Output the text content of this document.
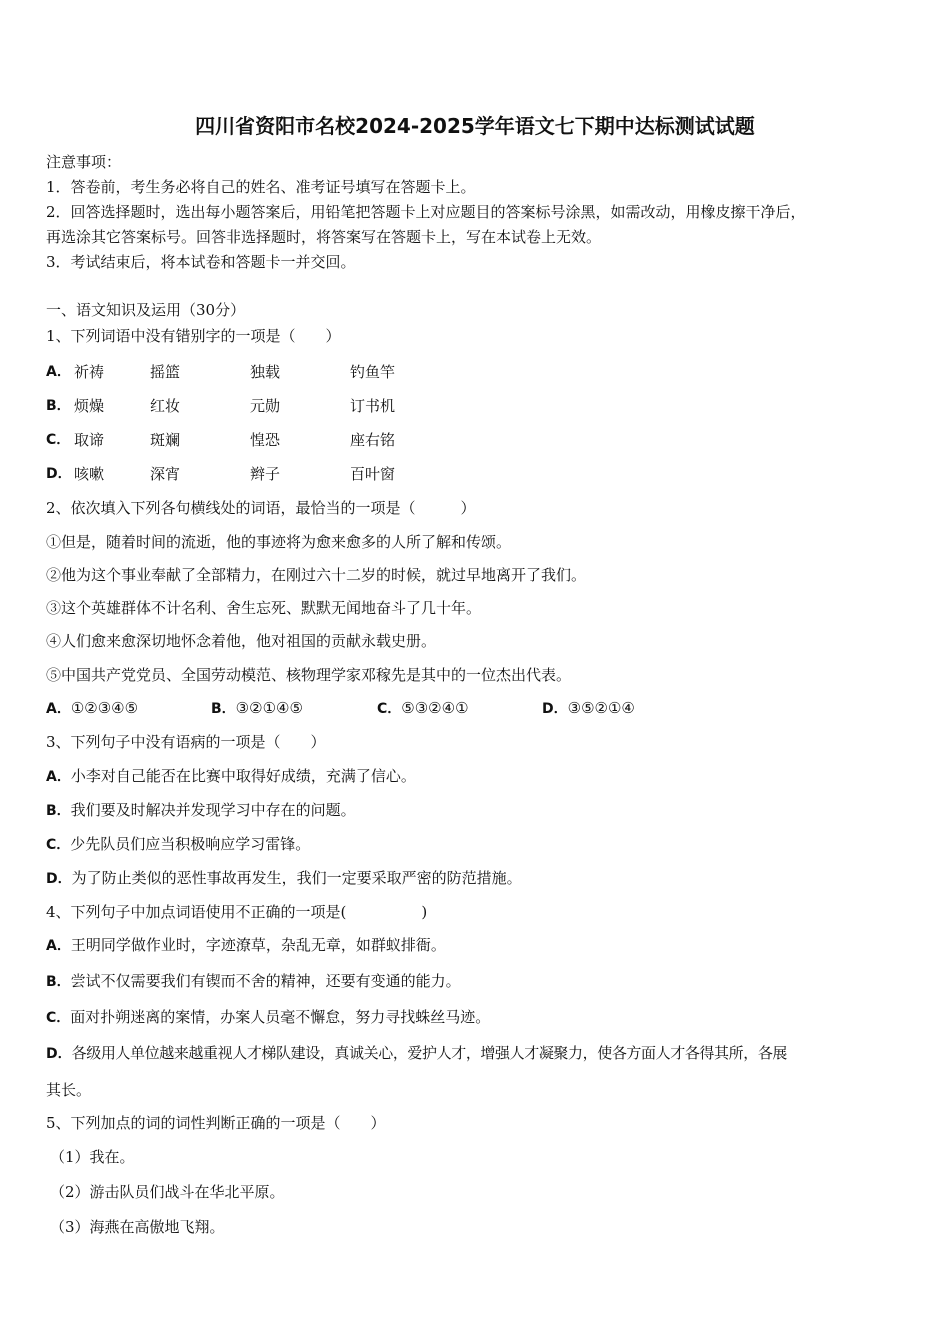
四川省资阳市名校2024-2025学年语文七下期中达标测试试题
注意事项：
1．答卷前，考生务必将自己的姓名、准考证号填写在答题卡上。
2．回答选择题时，选出每小题答案后，用铅笔把答题卡上对应题目的答案标号涂黑，如需改动，用橡皮擦干净后，
再选涂其它答案标号。回答非选择题时，将答案写在答题卡上，写在本试卷上无效。
3．考试结束后，将本试卷和答题卡一并交回。
一、语文知识及运用（30分）
1、下列词语中没有错别字的一项是（　　）
A． 祈祷	摇篮	独载	钓鱼竿
B． 烦燥	红妆	元勋	订书机
C． 取谛	斑斓	惶恐	座右铭
D． 咳嗽	深宵	辫子	百叶窗
2、依次填入下列各句横线处的词语，最恰当的一项是（　　　）
①但是，随着时间的流逝，他的事迹将为愈来愈多的人所了解和传颂。
②他为这个事业奉献了全部精力，在刚过六十二岁的时候，就过早地离开了我们。
③这个英雄群体不计名利、舍生忘死、默默无闻地奋斗了几十年。
④人们愈来愈深切地怀念着他，他对祖国的贡献永载史册。
⑤中国共产党党员、全国劳动模范、核物理学家邓稼先是其中的一位杰出代表。
A．①②③④⑤	B．③②①④⑤	C．⑤③②④①	D．③⑤②①④
3、下列句子中没有语病的一项是（　　）
A．小李对自己能否在比赛中取得好成绩，充满了信心。
B．我们要及时解决并发现学习中存在的问题。
C．少先队员们应当积极响应学习雷锋。
D．为了防止类似的恶性事故再发生，我们一定要采取严密的防范措施。
4、下列句子中加点词语使用不正确的一项是(　　　　　)
A．王明同学做作业时，字迹潦草，杂乱无章，如群蚁排衙。
B．尝试不仅需要我们有锲而不舍的精神，还要有变通的能力。
C．面对扑朔迷离的案情，办案人员毫不懈怠，努力寻找蛛丝马迹。
D．各级用人单位越来越重视人才梯队建设，真诚关心，爱护人才，增强人才凝聚力，使各方面人才各得其所，各展
其长。
5、下列加点的词的词性判断正确的一项是（　　）
（1）我在。
（2）游击队员们战斗在华北平原。
（3）海燕在高傲地飞翔。
